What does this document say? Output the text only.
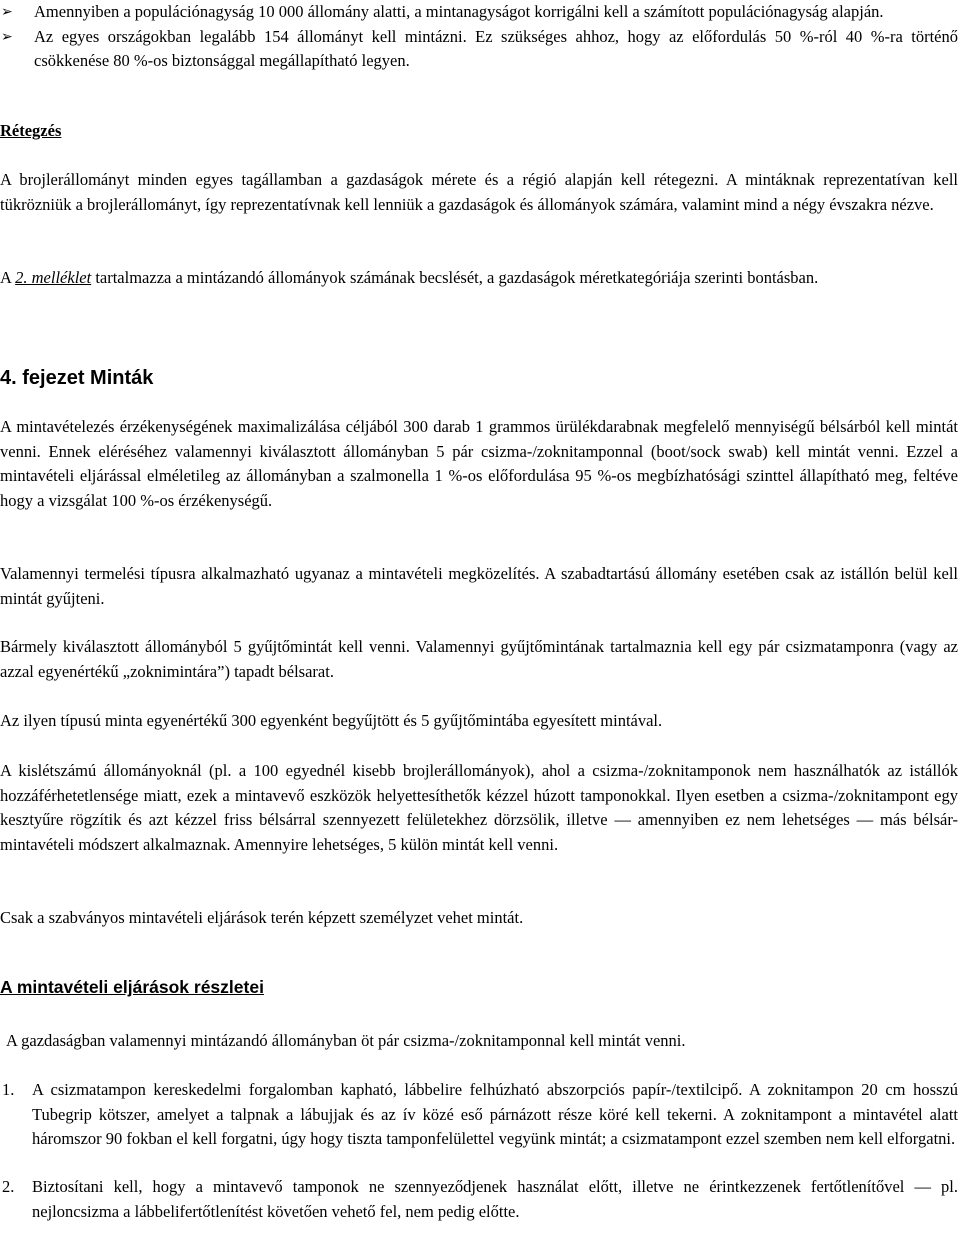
➢ Amennyiben a populációnagyság 10 000 állomány alatti, a mintanagyságot korrigálni kell a számított populációnagyság alapján.
➢ Az egyes országokban legalább 154 állományt kell mintázni. Ez szükséges ahhoz, hogy az előfordulás 50 %-ról 40 %-ra történő csökkenése 80 %-os biztonsággal megállapítható legyen.

Rétegzés

A brojlerállományt minden egyes tagállamban a gazdaságok mérete és a régió alapján kell rétegezni. A mintáknak reprezentatívan kell tükrözniük a brojlerállományt, így reprezentatívnak kell lenniük a gazdaságok és állományok számára, valamint mind a négy évszakra nézve.

A 2. melléklet tartalmazza a mintázandó állományok számának becslését, a gazdaságok méretkategóriája szerinti bontásban.

4. fejezet Minták

A mintavételezés érzékenységének maximalizálása céljából 300 darab 1 grammos ürülékdarabnak megfelelő mennyiségű bélsárból kell mintát venni. Ennek eléréséhez valamennyi kiválasztott állományban 5 pár csizma-/zoknitamponnal (boot/sock swab) kell mintát venni. Ezzel a mintavételi eljárással elméletileg az állományban a szalmonella 1 %-os előfordulása 95 %-os megbízhatósági szinttel állapítható meg, feltéve hogy a vizsgálat 100 %-os érzékenységű.

Valamennyi termelési típusra alkalmazható ugyanaz a mintavételi megközelítés. A szabadtartású állomány esetében csak az istállón belül kell mintát gyűjteni.

Bármely kiválasztott állományból 5 gyűjtőmintát kell venni. Valamennyi gyűjtőmintának tartalmaznia kell egy pár csizmatamponra (vagy az azzal egyenértékű „zoknimintára”) tapadt bélsarat.

Az ilyen típusú minta egyenértékű 300 egyenként begyűjtött és 5 gyűjtőmintába egyesített mintával.

A kislétszámú állományoknál (pl. a 100 egyednél kisebb brojlerállományok), ahol a csizma-/zoknitamponok nem használhatók az istállók hozzáférhetetlensége miatt, ezek a mintavevő eszközök helyettesíthetők kézzel húzott tamponokkal. Ilyen esetben a csizma-/zoknitampont egy kesztyűre rögzítik és azt kézzel friss bélsárral szennyezett felületekhez dörzsölik, illetve — amennyiben ez nem lehetséges — más bélsár-mintavételi módszert alkalmaznak. Amennyire lehetséges, 5 külön mintát kell venni.

Csak a szabványos mintavételi eljárások terén képzett személyzet vehet mintát.

A mintavételi eljárások részletei

A gazdaságban valamennyi mintázandó állományban öt pár csizma-/zoknitamponnal kell mintát venni.

1. A csizmatampon kereskedelmi forgalomban kapható, lábbelire felhúzható abszorpciós papír-/textilcipő. A zoknitampon 20 cm hosszú Tubegrip kötszer, amelyet a talpnak a lábujjak és az ív közé eső párnázott része köré kell tekerni. A zoknitampont a mintavétel alatt háromszor 90 fokban el kell forgatni, úgy hogy tiszta tamponfelülettel vegyünk mintát; a csizmatampont ezzel szemben nem kell elforgatni.
2. Biztosítani kell, hogy a mintavevő tamponok ne szennyeződjenek használat előtt, illetve ne érintkezzenek fertőtlenítővel — pl. nejloncsizma a lábbelifertőtlenítést követően vehető fel, nem pedig előtte.
